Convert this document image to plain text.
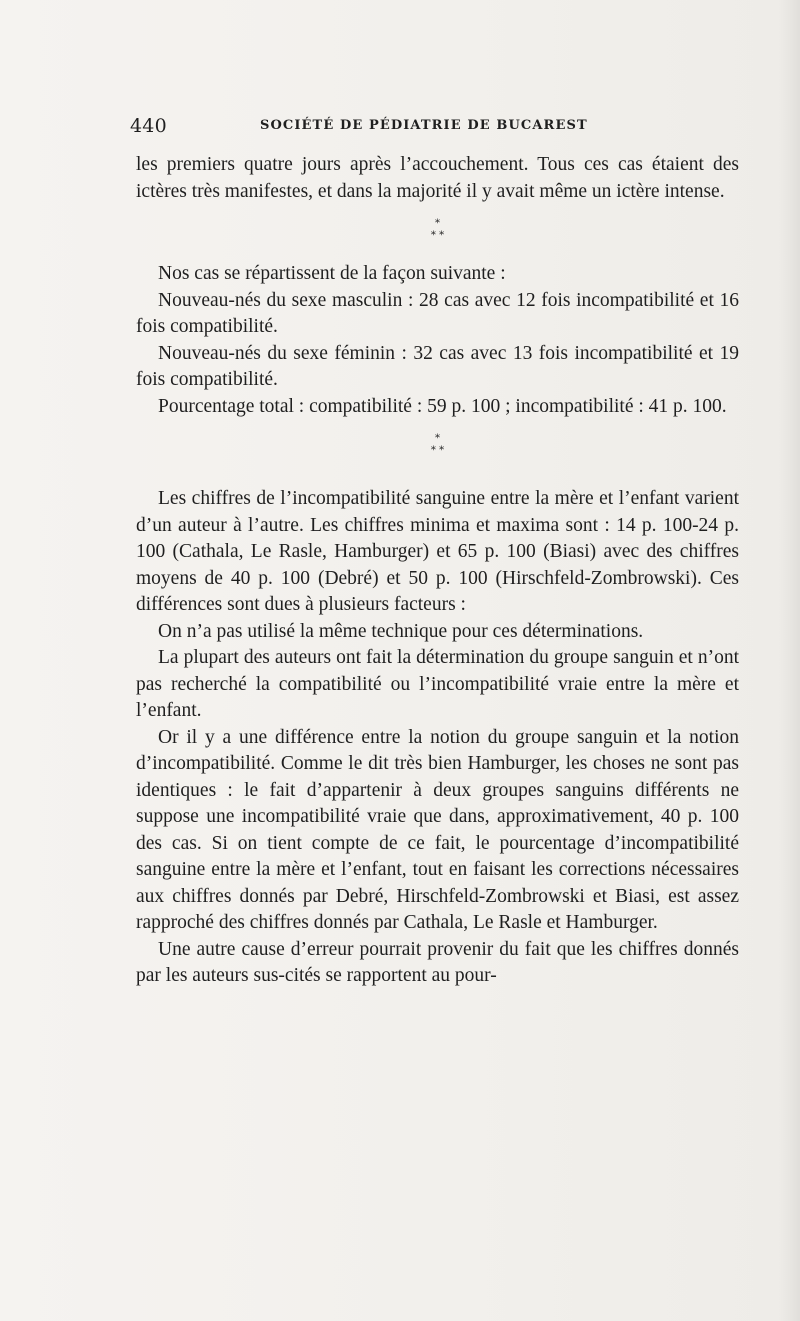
440	SOCIÉTÉ DE PÉDIATRIE DE BUCAREST

les premiers quatre jours après l’accouchement. Tous ces cas étaient des ictères très manifestes, et dans la majorité il y avait même un ictère intense.

*
* *

Nos cas se répartissent de la façon suivante :

Nouveau-nés du sexe masculin : 28 cas avec 12 fois incompatibilité et 16 fois compatibilité.

Nouveau-nés du sexe féminin : 32 cas avec 13 fois incompatibilité et 19 fois compatibilité.

Pourcentage total : compatibilité : 59 p. 100 ; incompatibilité : 41 p. 100.

*
* *

Les chiffres de l’incompatibilité sanguine entre la mère et l’enfant varient d’un auteur à l’autre. Les chiffres minima et maxima sont : 14 p. 100-24 p. 100 (Cathala, Le Rasle, Hamburger) et 65 p. 100 (Biasi) avec des chiffres moyens de 40 p. 100 (Debré) et 50 p. 100 (Hirschfeld-Zombrowski). Ces différences sont dues à plusieurs facteurs :

On n’a pas utilisé la même technique pour ces déterminations.

La plupart des auteurs ont fait la détermination du groupe sanguin et n’ont pas recherché la compatibilité ou l’incompatibilité vraie entre la mère et l’enfant.

Or il y a une différence entre la notion du groupe sanguin et la notion d’incompatibilité. Comme le dit très bien Hamburger, les choses ne sont pas identiques : le fait d’appartenir à deux groupes sanguins différents ne suppose une incompatibilité vraie que dans, approximativement, 40 p. 100 des cas. Si on tient compte de ce fait, le pourcentage d’incompatibilité sanguine entre la mère et l’enfant, tout en faisant les corrections nécessaires aux chiffres donnés par Debré, Hirschfeld-Zombrowski et Biasi, est assez rapproché des chiffres donnés par Cathala, Le Rasle et Hamburger.

Une autre cause d’erreur pourrait provenir du fait que les chiffres donnés par les auteurs sus-cités se rapportent au pour-
